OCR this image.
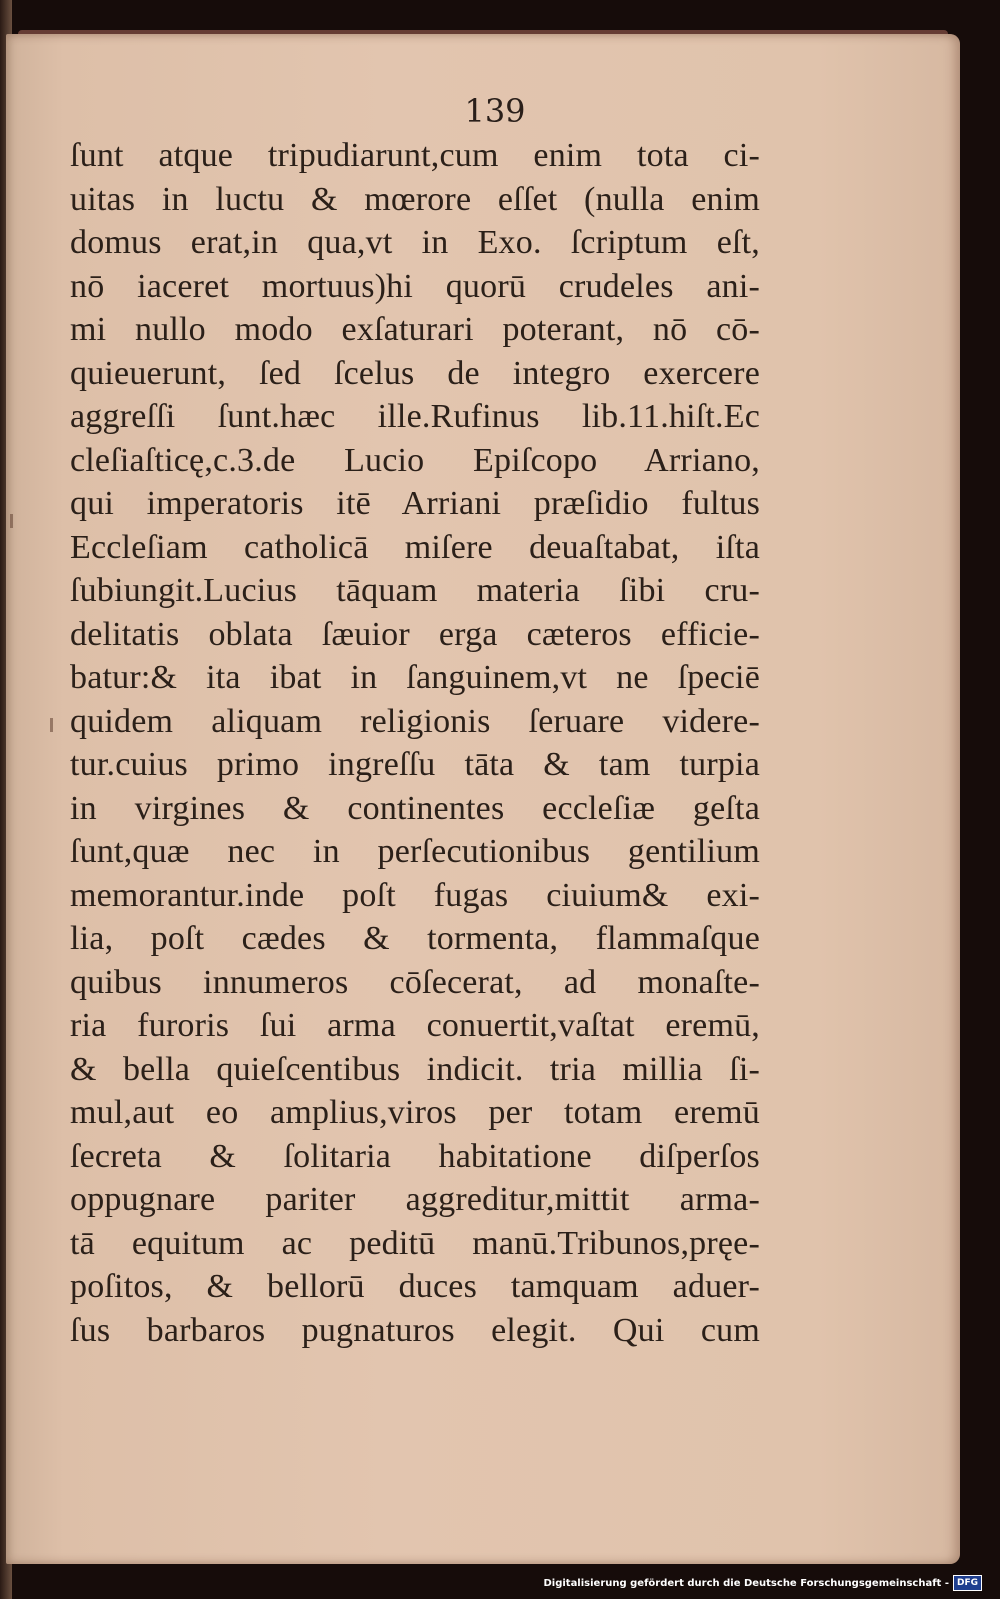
139
ſunt atque tripudiarunt,cum enim tota ci-
uitas in luctu & mœrore eſſet (nulla enim
domus erat,in qua,vt in Exo. ſcriptum eſt,
nō iaceret mortuus)hi quorū crudeles ani-
mi nullo modo exſaturari poterant, nō cō-
quieuerunt, ſed ſcelus de integro exercere
aggreſſi ſunt.hæc ille.Rufinus lib.11.hiſt.Ec
cleſiaſticę,c.3.de Lucio Epiſcopo Arriano,
qui imperatoris itē Arriani præſidio fultus
Eccleſiam catholicā miſere deuaſtabat, iſta
ſubiungit.Lucius tāquam materia ſibi cru-
delitatis oblata ſæuior erga cæteros efficie-
batur:& ita ibat in ſanguinem,vt ne ſpeciē
quidem aliquam religionis ſeruare videre-
tur.cuius primo ingreſſu tāta & tam turpia
in virgines & continentes eccleſiæ geſta
ſunt,quæ nec in perſecutionibus gentilium
memorantur.inde poſt fugas ciuium& exi-
lia, poſt cædes & tormenta, flammaſque
quibus innumeros cōſecerat, ad monaſte-
ria furoris ſui arma conuertit,vaſtat eremū,
& bella quieſcentibus indicit. tria millia ſi-
mul,aut eo amplius,viros per totam eremū
ſecreta & ſolitaria habitatione diſperſos
oppugnare pariter aggreditur,mittit arma-
tā equitum ac peditū manū.Tribunos,pręe-
poſitos, & bellorū duces tamquam aduer-
ſus barbaros pugnaturos elegit. Qui cum
Digitalisierung gefördert durch die Deutsche Forschungsgemeinschaft - DFG
